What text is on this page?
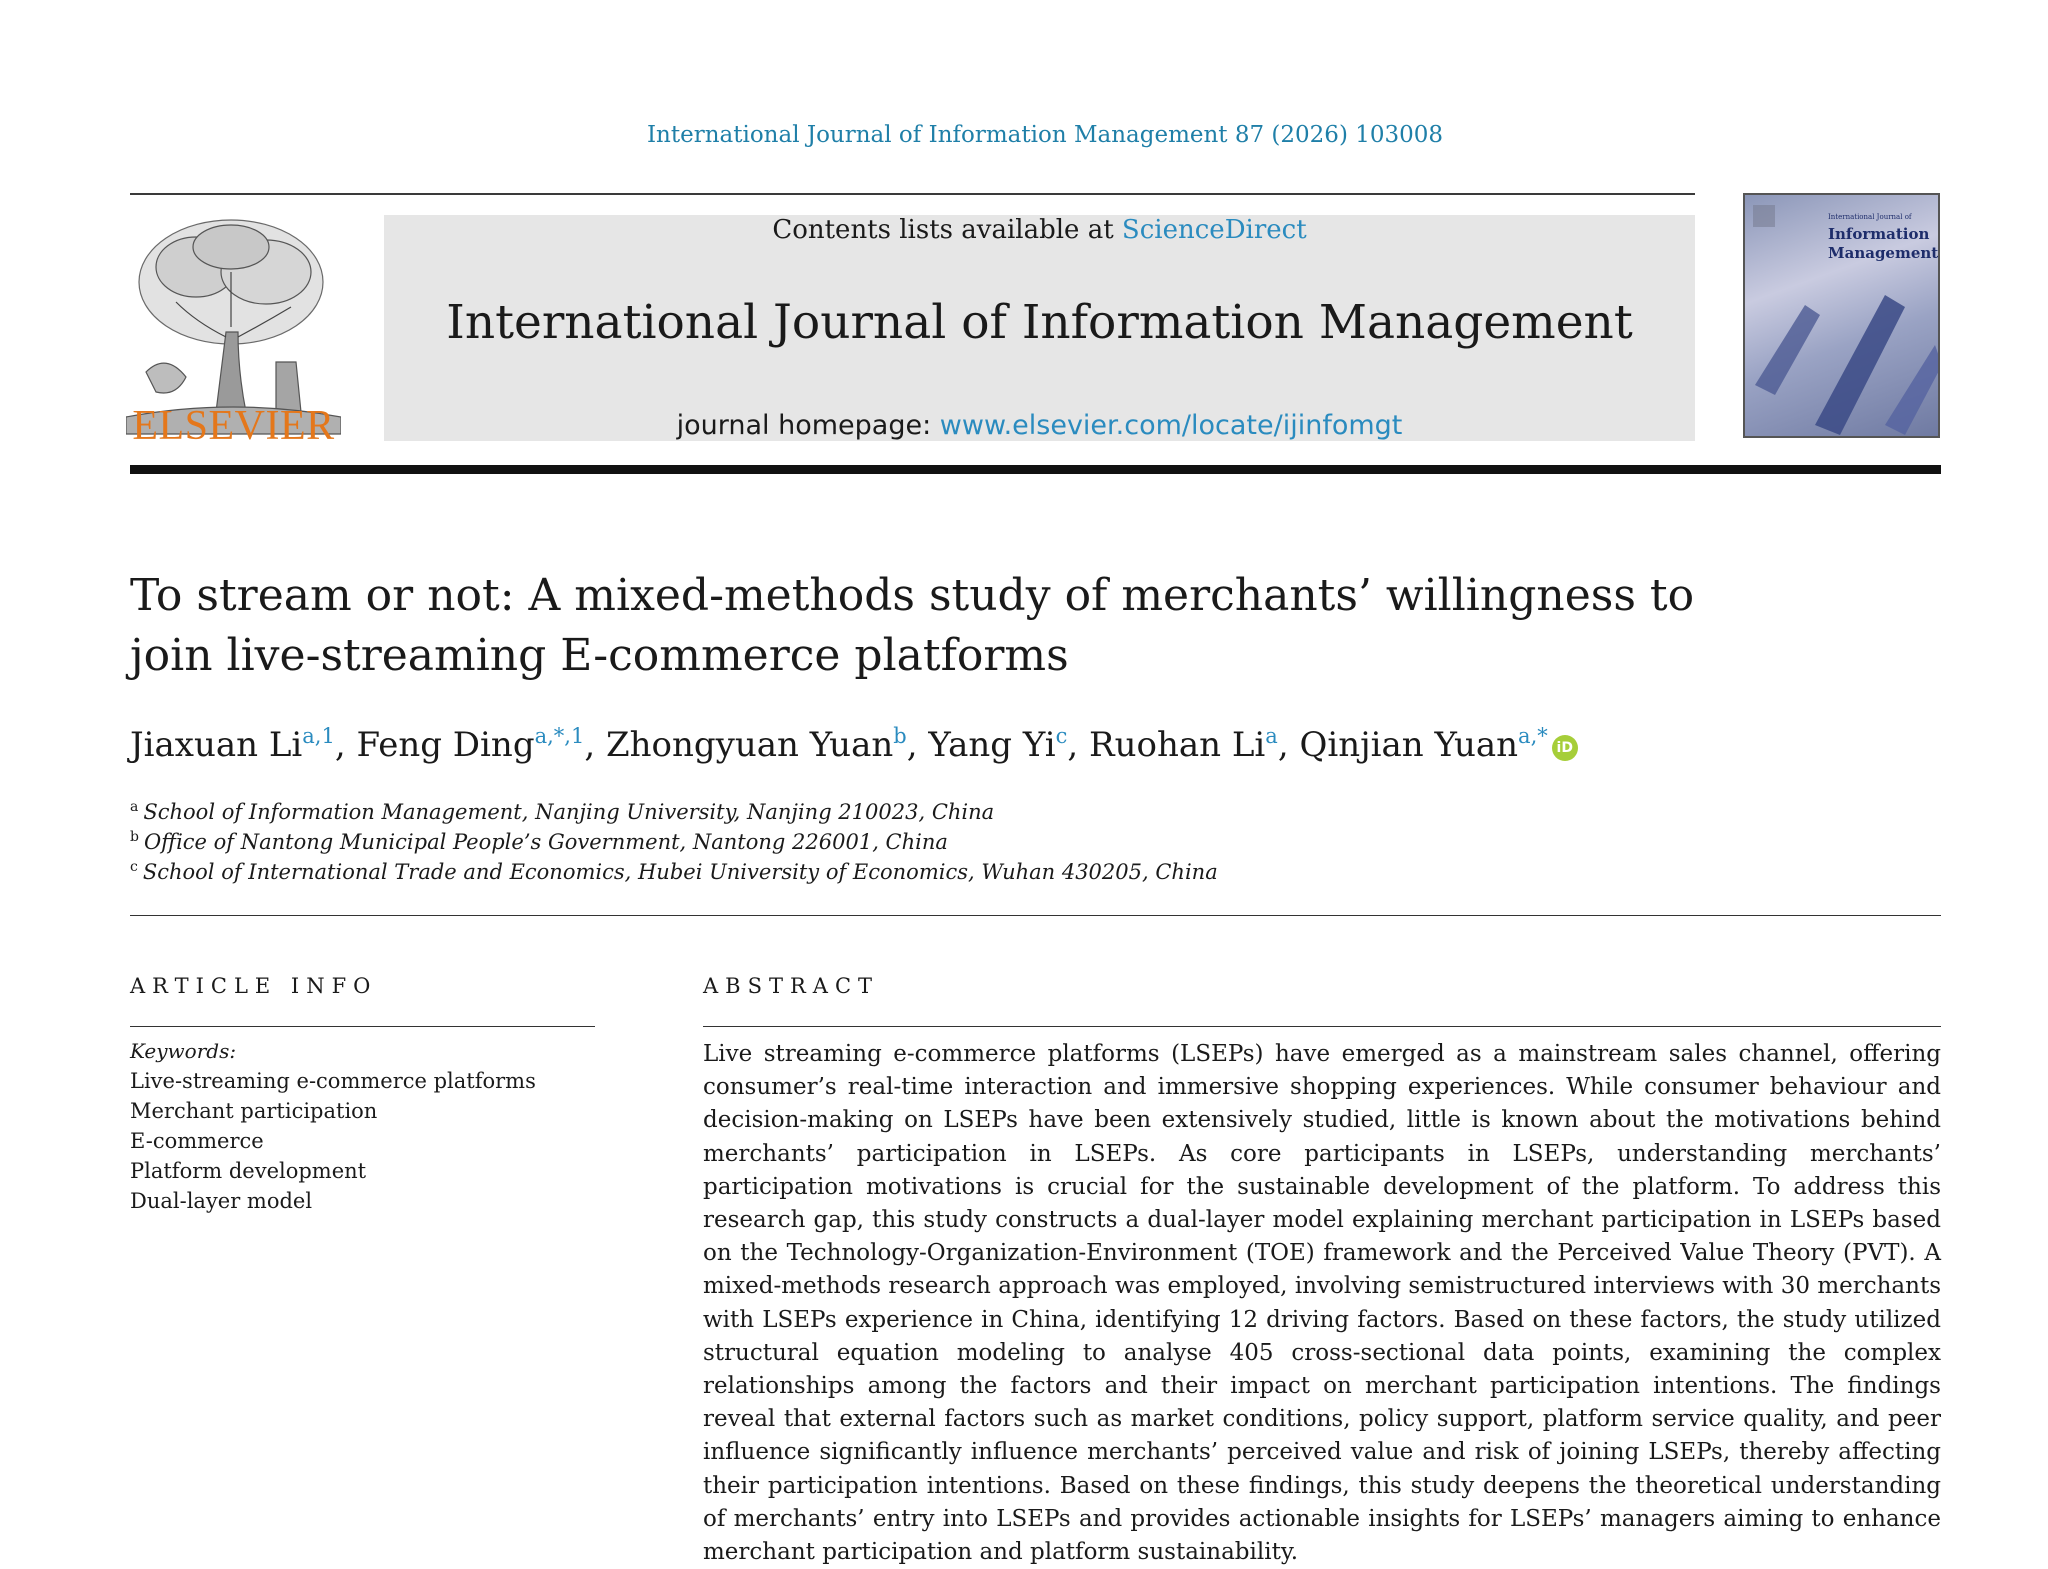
International Journal of Information Management 87 (2026) 103008
ELSEVIER
Contents lists available at ScienceDirect
International Journal of Information Management
journal homepage: www.elsevier.com/locate/ijinfomgt
International Journal of
Information Management
To stream or not: A mixed-methods study of merchants’ willingness to join live-streaming E-commerce platforms
Jiaxuan Li$^{a,1}$, Feng Ding$^{a,*,1}$, Zhongyuan Yuan$^b$, Yang Yi$^c$, Ruohan Li$^a$, Qinjian Yuan$^{a,*}$ iD
$^a$ School of Information Management, Nanjing University, Nanjing 210023, China
$^b$ Office of Nantong Municipal People’s Government, Nantong 226001, China
$^c$ School of International Trade and Economics, Hubei University of Economics, Wuhan 430205, China
ARTICLE INFO	ABSTRACT
Keywords:
Live-streaming e-commerce platforms
Merchant participation
E-commerce
Platform development
Dual-layer model
Live streaming e-commerce platforms (LSEPs) have emerged as a mainstream sales channel, offering consumer’s real-time interaction and immersive shopping experiences. While consumer behaviour and decision-making on LSEPs have been extensively studied, little is known about the motivations behind merchants’ participation in LSEPs. As core participants in LSEPs, understanding merchants’ participation motivations is crucial for the sustainable development of the platform. To address this research gap, this study constructs a dual-layer model explaining merchant participation in LSEPs based on the Technology-Organization-Environment (TOE) framework and the Perceived Value Theory (PVT). A mixed-methods research approach was employed, involving semistructured interviews with 30 merchants with LSEPs experience in China, identifying 12 driving factors. Based on these factors, the study utilized structural equation modeling to analyse 405 cross-sectional data points, examining the complex relationships among the factors and their impact on merchant participation intentions. The findings reveal that external factors such as market conditions, policy support, platform service quality, and peer influence significantly influence merchants’ perceived value and risk of joining LSEPs, thereby affecting their participation intentions. Based on these findings, this study deepens the theoretical understanding of merchants’ entry into LSEPs and provides actionable insights for LSEPs’ managers aiming to enhance merchant participation and platform sustainability.
